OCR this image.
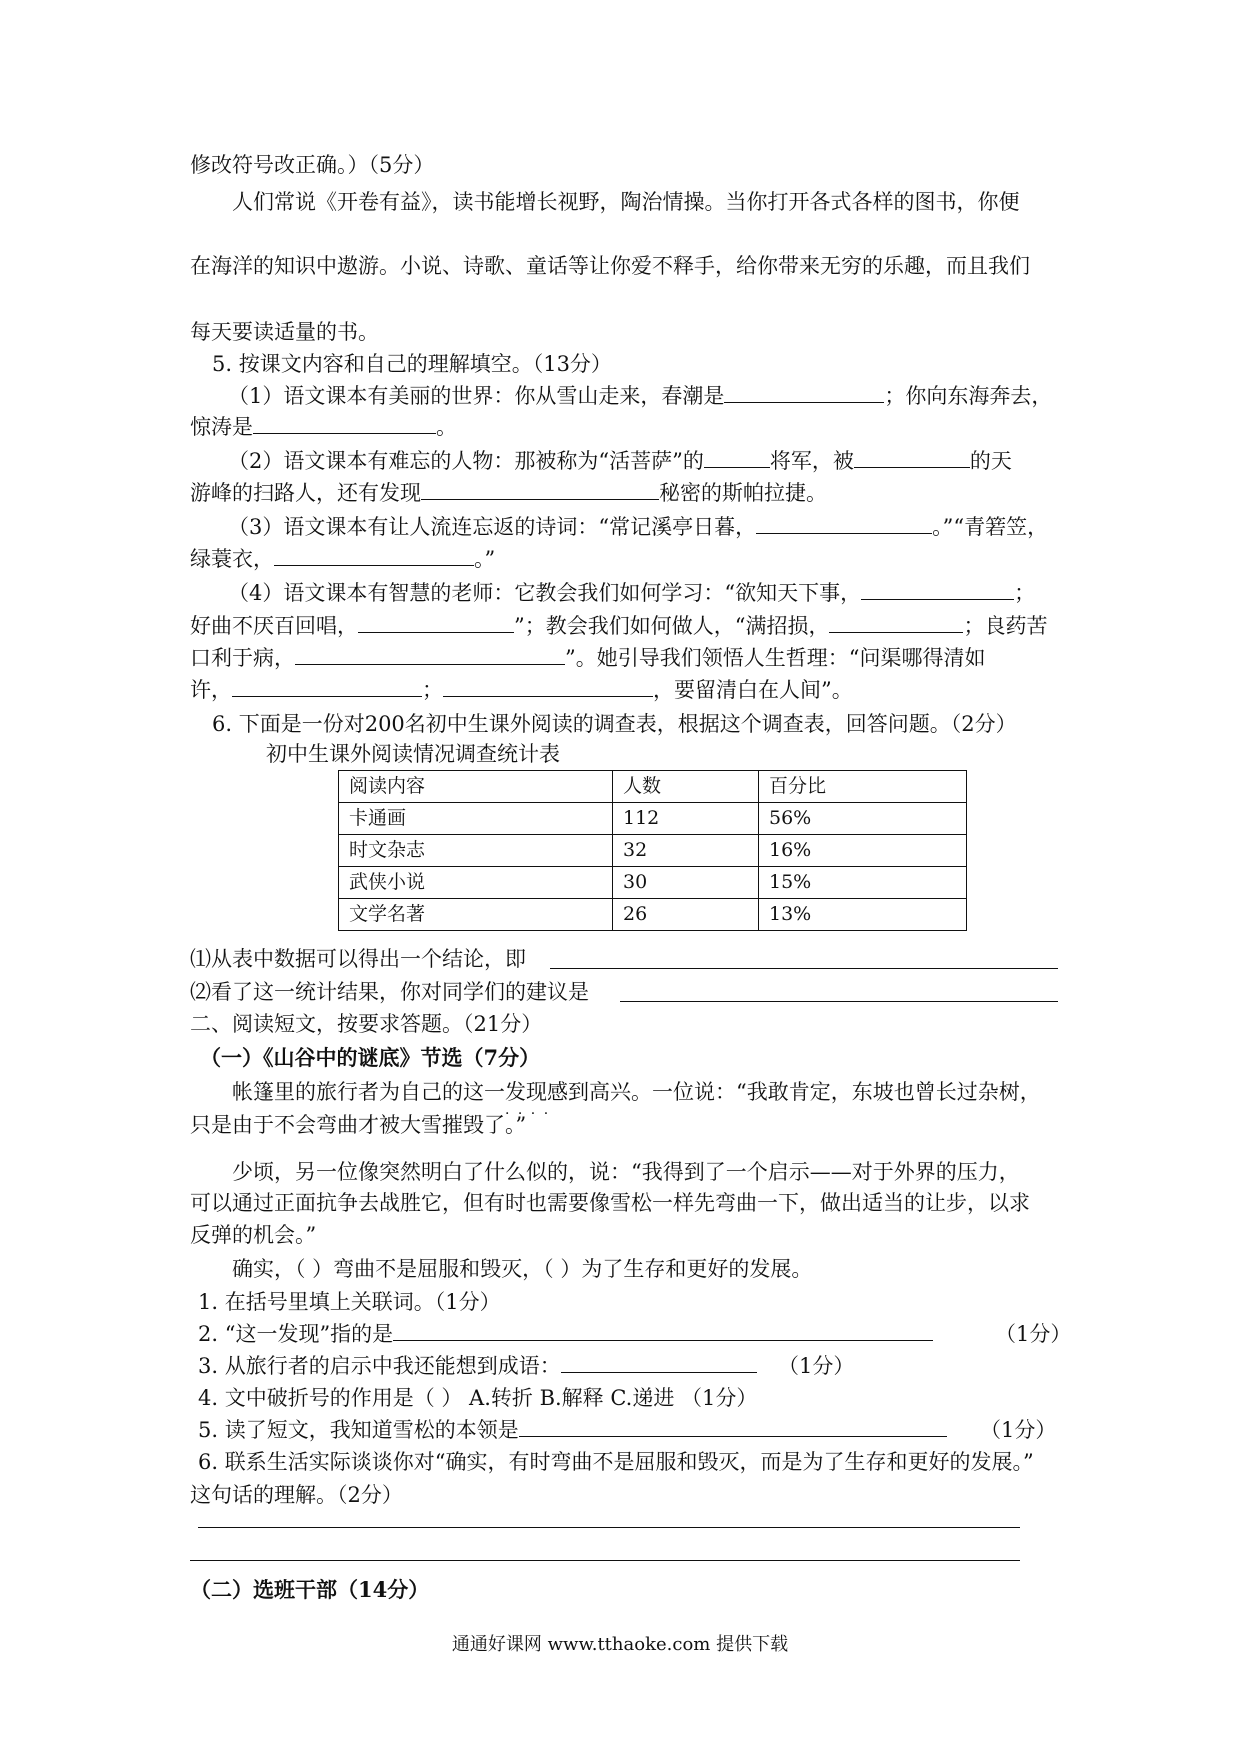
修改符号改正确。）（5分）
人们常说《开卷有益》，读书能增长视野，陶治情操。当你打开各式各样的图书，你便
在海洋的知识中遨游。小说、诗歌、童话等让你爱不释手，给你带来无穷的乐趣，而且我们
每天要读适量的书。
5. 按课文内容和自己的理解填空。（13分）
（1）语文课本有美丽的世界：你从雪山走来，春潮是	；你向东海奔去，
惊涛是	。
（2）语文课本有难忘的人物：那被称为“活菩萨”的	将军，被	的天
游峰的扫路人，还有发现	秘密的斯帕拉捷。
（3）语文课本有让人流连忘返的诗词：“常记溪亭日暮，	。”“青箬笠，
绿蓑衣，	。”
（4）语文课本有智慧的老师：它教会我们如何学习：“欲知天下事，	；
好曲不厌百回唱，	”；教会我们如何做人，“满招损，	；良药苦
口利于病，	”。她引导我们领悟人生哲理：“问渠哪得清如
许，	；	，要留清白在人间”。
6. 下面是一份对200名初中生课外阅读的调查表，根据这个调查表，回答问题。（2分）
初中生课外阅读情况调查统计表
阅读内容	人数	百分比
卡通画	112	56%
时文杂志	32	16%
武侠小说	30	15%
文学名著	26	13%
⑴从表中数据可以得出一个结论，即
⑵看了这一统计结果，你对同学们的建议是
二、阅读短文，按要求答题。（21分）
（一）《山谷中的谜底》节选（7分）
帐篷里的旅行者为自己的这一发现 · · · ·感到高兴。一位说：“我敢肯定，东坡也曾长过杂树，
只是由于不会弯曲才被大雪摧毁了。”
少顷，另一位像突然明白了什么似的，说：“我得到了一个启示——对于外界的压力，
可以通过正面抗争去战胜它，但有时也需要像雪松一样先弯曲一下，做出适当的让步，以求
反弹的机会。”
确实，（ ）弯曲不是屈服和毁灭，（ ）为了生存和更好的发展。
1. 在括号里填上关联词。（1分）
2. “这一发现”指的是	（1分）
3. 从旅行者的启示中我还能想到成语：	（1分）
4. 文中破折号的作用是（ ） A.转折 B.解释 C.递进 （1分）
5. 读了短文，我知道雪松的本领是	（1分）
6. 联系生活实际谈谈你对“确实，有时弯曲不是屈服和毁灭，而是为了生存和更好的发展。”
这句话的理解。（2分）
（二）选班干部（14分）
通通好课网 www.tthaoke.com 提供下载
